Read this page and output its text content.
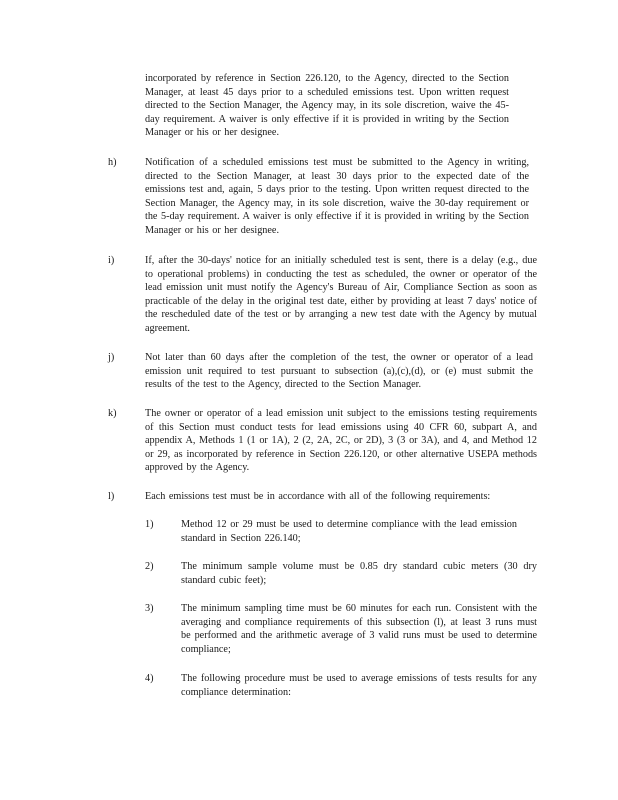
incorporated by reference in Section 226.120, to the Agency, directed to the Section Manager, at least 45 days prior to a scheduled emissions test. Upon written request directed to the Section Manager, the Agency may, in its sole discretion, waive the 45-day requirement. A waiver is only effective if it is provided in writing by the Section Manager or his or her designee.

h)	Notification of a scheduled emissions test must be submitted to the Agency in writing, directed to the Section Manager, at least 30 days prior to the expected date of the emissions test and, again, 5 days prior to the testing. Upon written request directed to the Section Manager, the Agency may, in its sole discretion, waive the 30-day requirement or the 5-day requirement. A waiver is only effective if it is provided in writing by the Section Manager or his or her designee.

i)	If, after the 30-days' notice for an initially scheduled test is sent, there is a delay (e.g., due to operational problems) in conducting the test as scheduled, the owner or operator of the lead emission unit must notify the Agency's Bureau of Air, Compliance Section as soon as practicable of the delay in the original test date, either by providing at least 7 days' notice of the rescheduled date of the test or by arranging a new test date with the Agency by mutual agreement.

j)	Not later than 60 days after the completion of the test, the owner or operator of a lead emission unit required to test pursuant to subsection (a),(c),(d), or (e) must submit the results of the test to the Agency, directed to the Section Manager.

k)	The owner or operator of a lead emission unit subject to the emissions testing requirements of this Section must conduct tests for lead emissions using 40 CFR 60, subpart A, and appendix A, Methods 1 (1 or 1A), 2 (2, 2A, 2C, or 2D), 3 (3 or 3A), and 4, and Method 12 or 29, as incorporated by reference in Section 226.120, or other alternative USEPA methods approved by the Agency.

l)	Each emissions test must be in accordance with all of the following requirements:

1)	Method 12 or 29 must be used to determine compliance with the lead emission standard in Section 226.140;

2)	The minimum sample volume must be 0.85 dry standard cubic meters (30 dry standard cubic feet);

3)	The minimum sampling time must be 60 minutes for each run. Consistent with the averaging and compliance requirements of this subsection (l), at least 3 runs must be performed and the arithmetic average of 3 valid runs must be used to determine compliance;

4)	The following procedure must be used to average emissions of tests results for any compliance determination:
